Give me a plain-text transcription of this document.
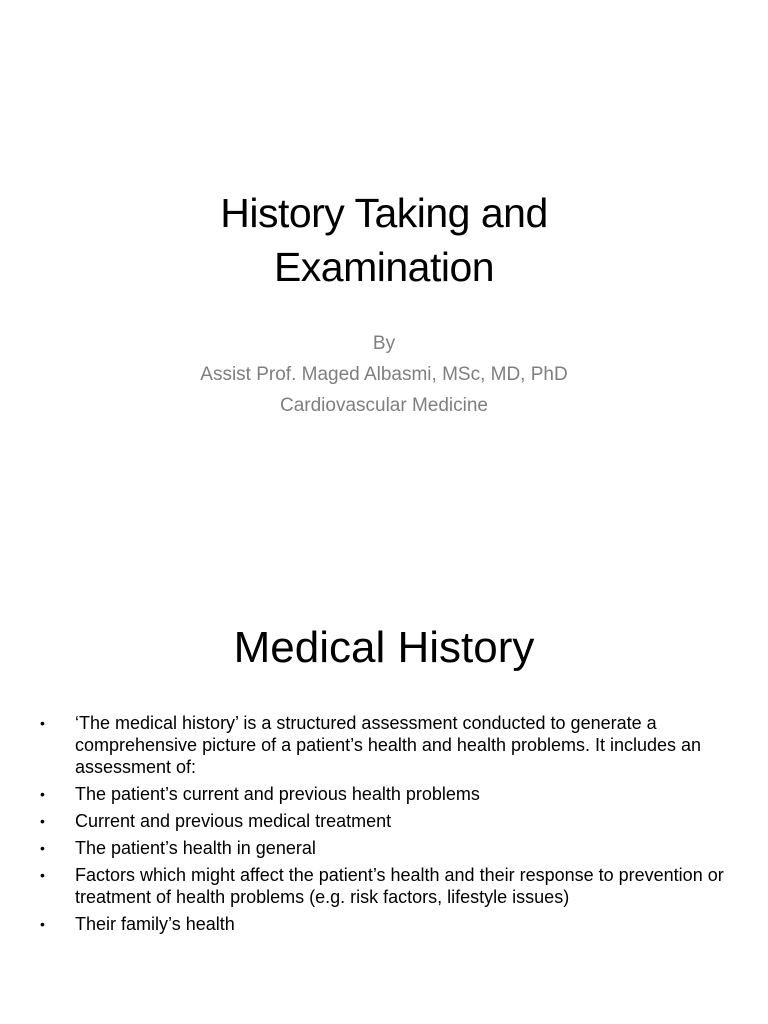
History Taking and
Examination
By
Assist Prof. Maged Albasmi, MSc, MD, PhD
Cardiovascular Medicine
Medical History
•	‘The medical history’ is a structured assessment conducted to generate a comprehensive picture of a patient’s health and health problems. It includes an assessment of:
•	The patient’s current and previous health problems
•	Current and previous medical treatment
•	The patient’s health in general
•	Factors which might affect the patient’s health and their response to prevention or treatment of health problems (e.g. risk factors, lifestyle issues)
•	Their family’s health
